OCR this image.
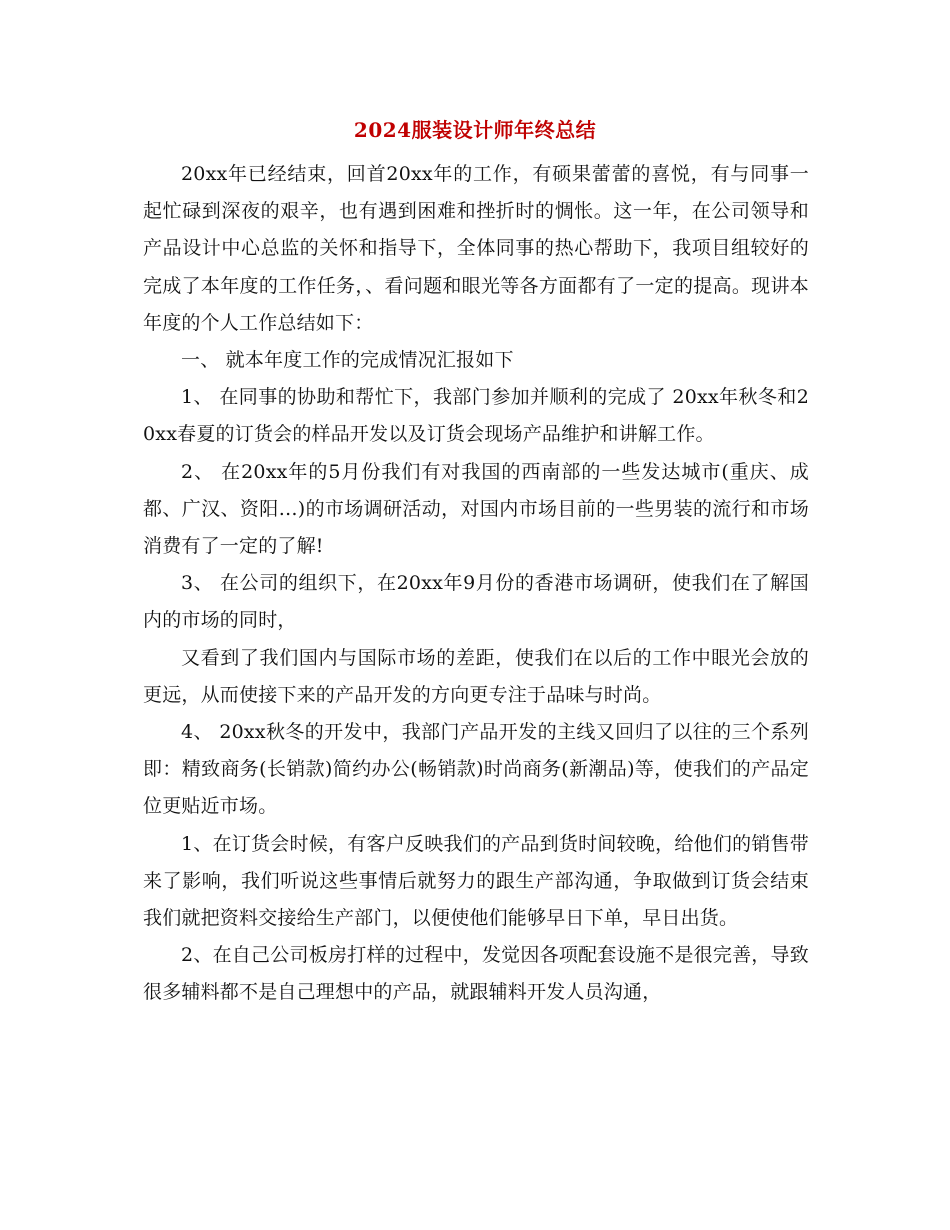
2024服装设计师年终总结

20xx年已经结束，回首20xx年的工作，有硕果蕾蕾的喜悦，有与同事一起忙碌到深夜的艰辛，也有遇到困难和挫折时的惆怅。这一年，在公司领导和产品设计中心总监的关怀和指导下，全体同事的热心帮助下，我项目组较好的完成了本年度的工作任务，、看问题和眼光等各方面都有了一定的提高。现讲本年度的个人工作总结如下：

一、 就本年度工作的完成情况汇报如下

1、 在同事的协助和帮忙下，我部门参加并顺利的完成了 20xx年秋冬和20xx春夏的订货会的样品开发以及订货会现场产品维护和讲解工作。

2、 在20xx年的5月份我们有对我国的西南部的一些发达城市(重庆、成都、广汉、资阳…)的市场调研活动，对国内市场目前的一些男装的流行和市场消费有了一定的了解!

3、 在公司的组织下，在20xx年9月份的香港市场调研，使我们在了解国内的市场的同时，

又看到了我们国内与国际市场的差距，使我们在以后的工作中眼光会放的更远，从而使接下来的产品开发的方向更专注于品味与时尚。

4、 20xx秋冬的开发中，我部门产品开发的主线又回归了以往的三个系列即：精致商务(长销款)简约办公(畅销款)时尚商务(新潮品)等，使我们的产品定位更贴近市场。

1、在订货会时候，有客户反映我们的产品到货时间较晚，给他们的销售带来了影响，我们听说这些事情后就努力的跟生产部沟通，争取做到订货会结束我们就把资料交接给生产部门，以便使他们能够早日下单，早日出货。

2、在自己公司板房打样的过程中，发觉因各项配套设施不是很完善，导致很多辅料都不是自己理想中的产品，就跟辅料开发人员沟通，
